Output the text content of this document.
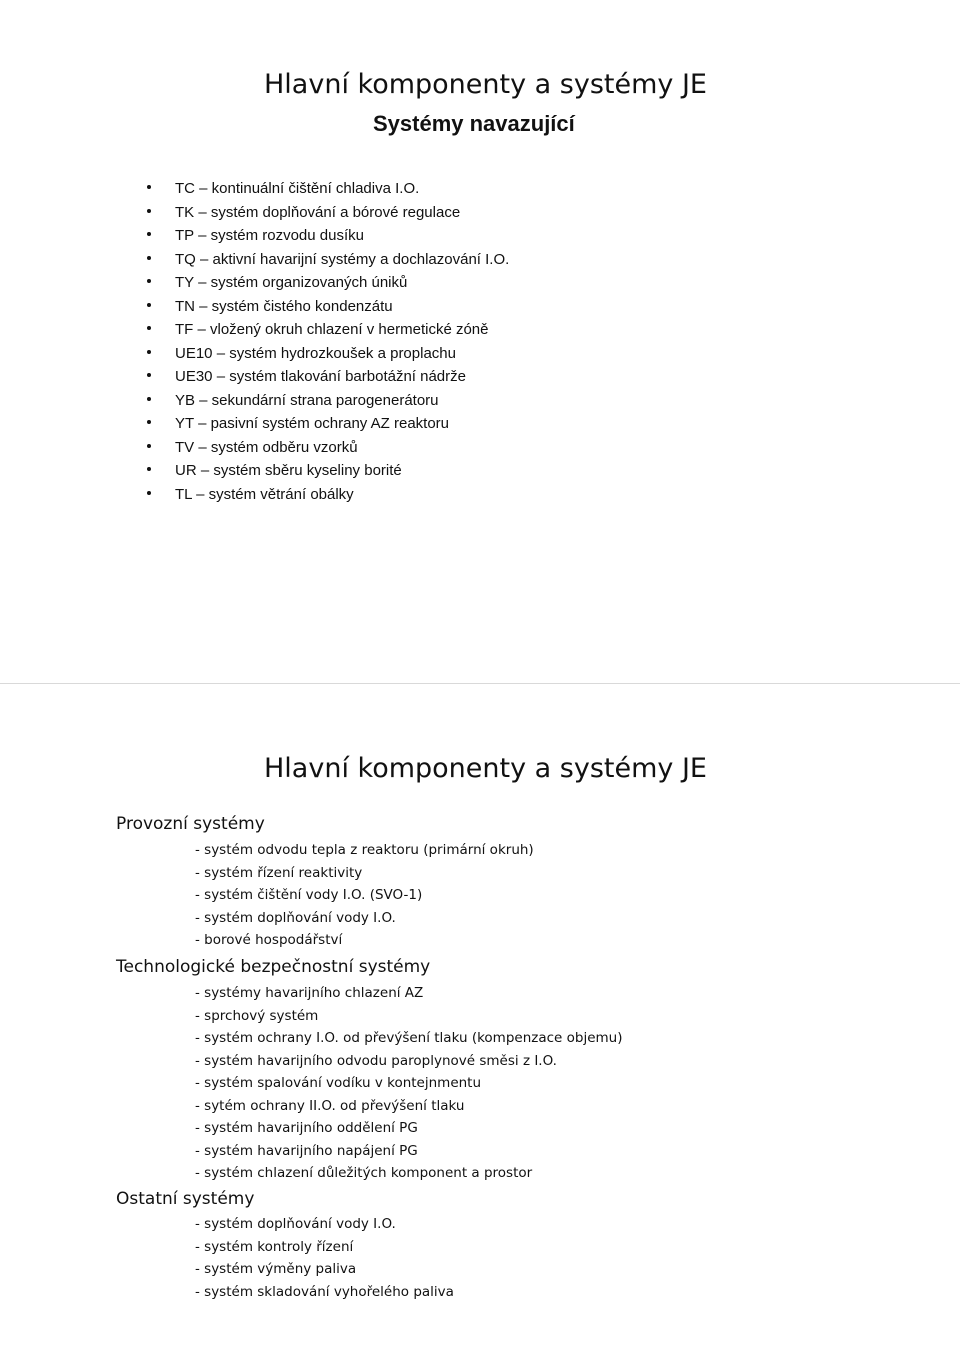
Hlavní komponenty a systémy JE
Systémy navazující
TC – kontinuální čištění chladiva I.O.
TK – systém doplňování a bórové regulace
TP – systém rozvodu dusíku
TQ – aktivní havarijní systémy a dochlazování I.O.
TY – systém organizovaných úniků
TN – systém čistého kondenzátu
TF – vložený okruh chlazení v hermetické zóně
UE10 – systém hydrozkoušek a proplachu
UE30 – systém tlakování barbotážní nádrže
YB – sekundární strana parogenerátoru
YT – pasivní systém ochrany AZ reaktoru
TV – systém odběru vzorků
UR – systém sběru kyseliny borité
TL – systém větrání obálky
Hlavní komponenty a systémy JE
Provozní systémy
- systém odvodu tepla z reaktoru (primární okruh)
- systém řízení reaktivity
- systém čištění vody I.O. (SVO-1)
- systém doplňování vody I.O.
- borové hospodářství
Technologické bezpečnostní systémy
- systémy havarijního chlazení AZ
- sprchový systém
- systém ochrany I.O. od převýšení tlaku (kompenzace objemu)
- systém havarijního odvodu paroplynové směsi z I.O.
- systém spalování vodíku v kontejnmentu
- sytém ochrany II.O. od převýšení tlaku
- systém havarijního oddělení PG
- systém havarijního napájení PG
- systém chlazení důležitých komponent a prostor
Ostatní systémy
- systém doplňování vody I.O.
- systém kontroly řízení
- systém výměny paliva
- systém skladování vyhořelého paliva
